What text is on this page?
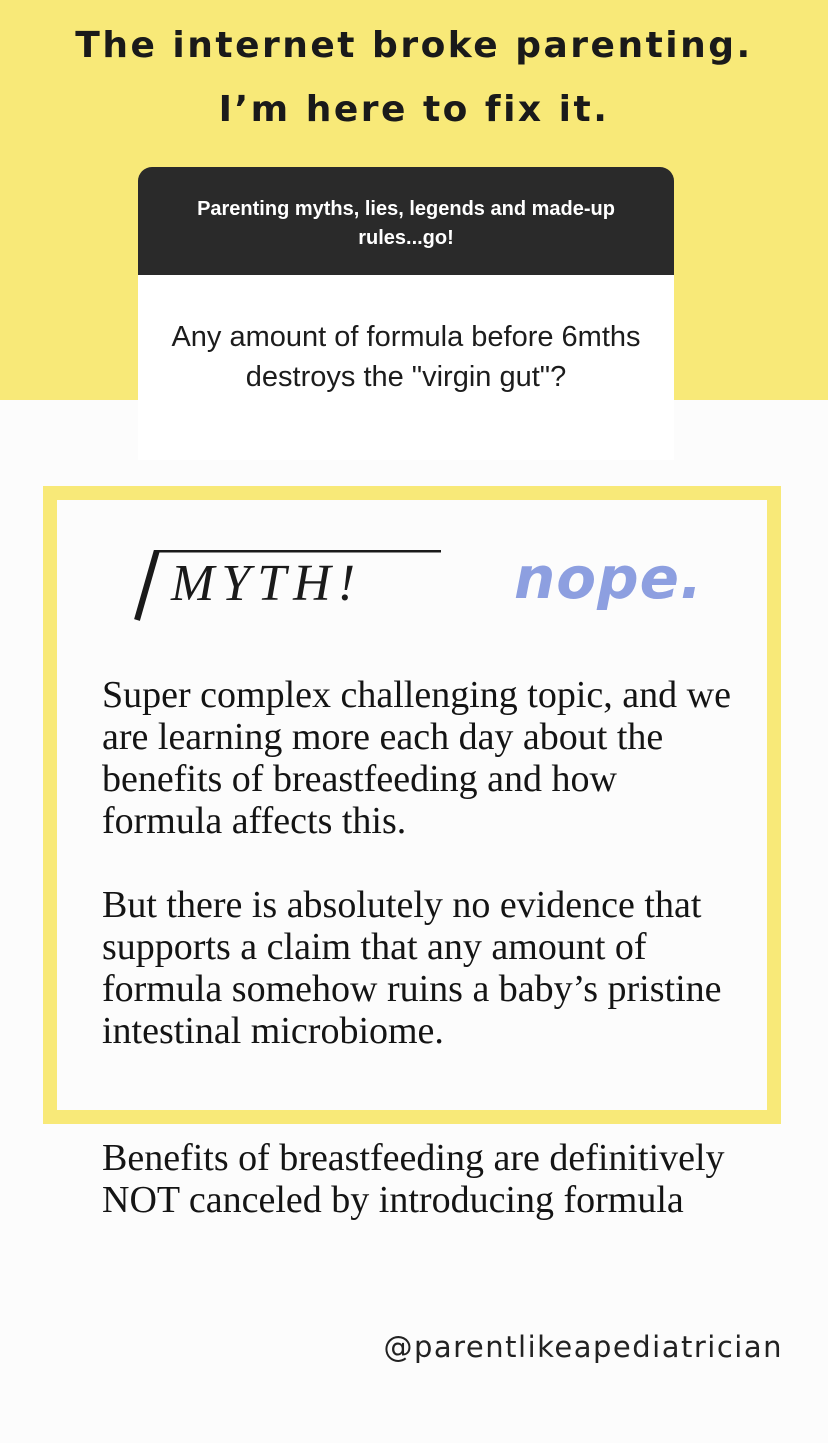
The internet broke parenting.
I’m here to fix it.
Parenting myths, lies, legends and made-up rules...go!
Any amount of formula before 6mths destroys the "virgin gut"?
MYTH!	nope.
Super complex challenging topic, and we are learning more each day about the benefits of breastfeeding and how formula affects this.
But there is absolutely no evidence that supports a claim that any amount of formula somehow ruins a baby’s pristine intestinal microbiome.
Benefits of breastfeeding are definitively NOT canceled by introducing formula
@parentlikeapediatrician
